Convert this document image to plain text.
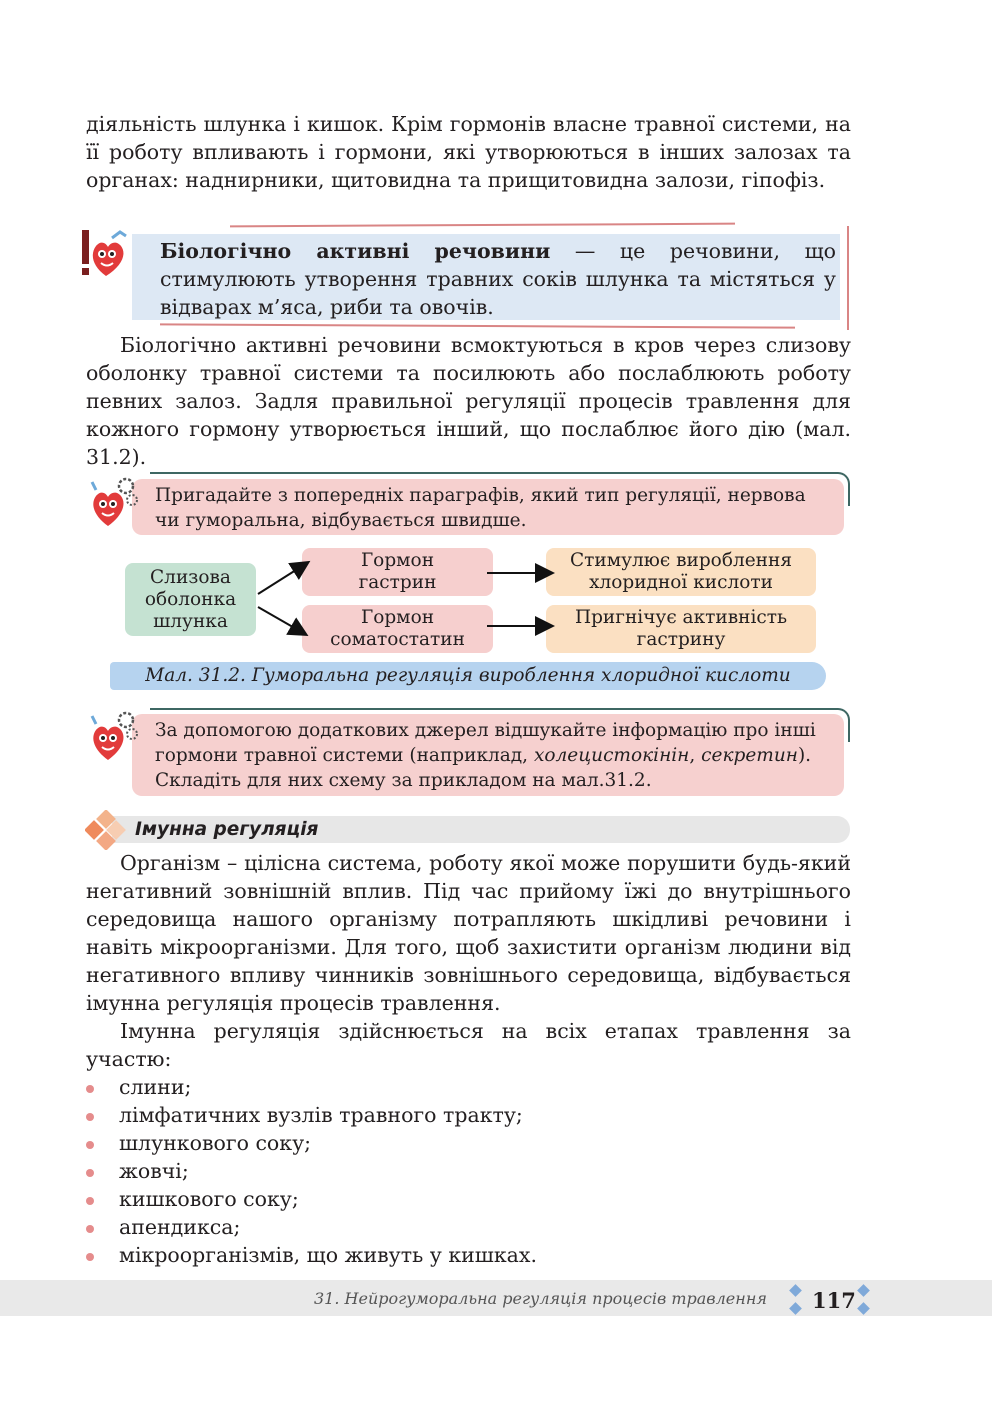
діяльність шлунка і кишок. Крім гормонів власне травної системи, на її роботу впливають і гормони, які утворюються в інших залозах та органах: наднирники, щитовидна та прищитовидна залози, гіпофіз.

Біологічно активні речовини — це речовини, що стимулюють утворення травних соків шлунка та містяться у відварах м’яса, риби та овочів.

Біологічно активні речовини всмоктуються в кров через слизову оболонку травної системи та посилюють або послаблюють роботу певних залоз. Задля правильної регуляції процесів травлення для кожного гормону утворюється інший, що послаблює його дію (мал. 31.2).

Пригадайте з попередніх параграфів, який тип регуляції, нервова чи гуморальна, відбувається швидше.

Слизова
оболонка
шлунка
Гормон
гастрин
Гормон
соматостатин
Стимулює вироблення
хлоридної кислоти
Пригнічує активність
гастрину
Мал. 31.2. Гуморальна регуляція вироблення хлоридної кислоти

За допомогою додаткових джерел відшукайте інформацію про інші гормони травної системи (наприклад, холецистокінін, секретин). Складіть для них схему за прикладом на мал.31.2.

Імунна регуляція

Організм – цілісна система, роботу якої може порушити будь-який негативний зовнішній вплив. Під час прийому їжі до внутрішнього середовища нашого організму потрапляють шкідливі речовини і навіть мікроорганізми. Для того, щоб захистити організм людини від негативного впливу чинників зовнішнього середовища, відбувається імунна регуляція процесів травлення.

Імунна регуляція здійснюється на всіх етапах травлення за участю:

слини;
лімфатичних вузлів травного тракту;
шлункового соку;
жовчі;
кишкового соку;
апендикса;
мікроорганізмів, що живуть у кишках.
31. Нейрогуморальна регуляція процесів травлення 117
